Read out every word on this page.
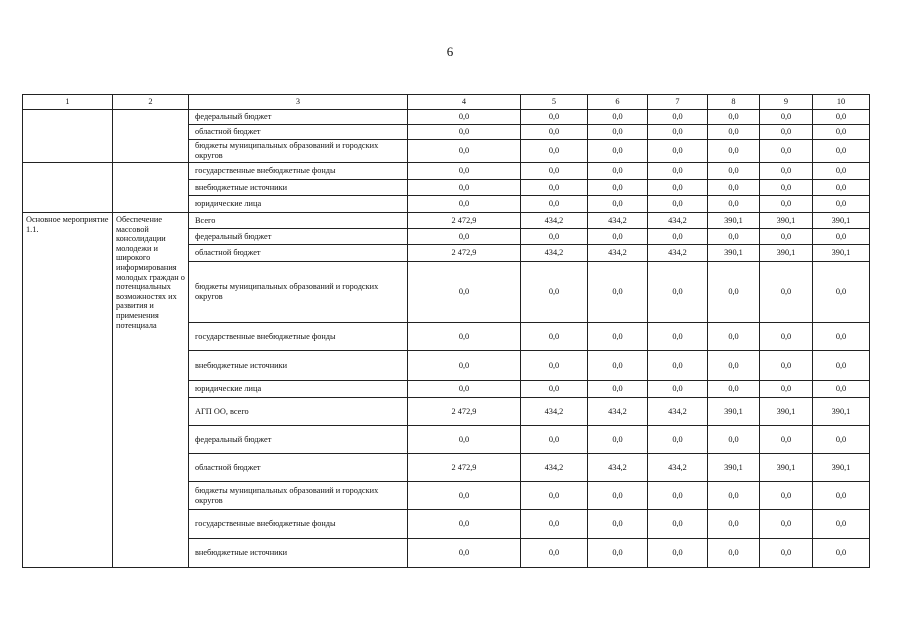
6
1	2	3	4	5	6	7	8	9	10
		федеральный бюджет	0,0	0,0	0,0	0,0	0,0	0,0	0,0
		областной бюджет	0,0	0,0	0,0	0,0	0,0	0,0	0,0
		бюджеты муниципальных образований и городских округов	0,0	0,0	0,0	0,0	0,0	0,0	0,0
		государственные внебюджетные фонды	0,0	0,0	0,0	0,0	0,0	0,0	0,0
		внебюджетные источники	0,0	0,0	0,0	0,0	0,0	0,0	0,0
		юридические лица	0,0	0,0	0,0	0,0	0,0	0,0	0,0
Основное мероприятие 1.1.	Обеспечение массовой консолидации молодежи и широкого информирования молодых граждан о потенциальных возможностях их развития и применения потенциала	Всего	2 472,9	434,2	434,2	434,2	390,1	390,1	390,1
		федеральный бюджет	0,0	0,0	0,0	0,0	0,0	0,0	0,0
		областной бюджет	2 472,9	434,2	434,2	434,2	390,1	390,1	390,1
		бюджеты муниципальных образований и городских округов	0,0	0,0	0,0	0,0	0,0	0,0	0,0
		государственные внебюджетные фонды	0,0	0,0	0,0	0,0	0,0	0,0	0,0
		внебюджетные источники	0,0	0,0	0,0	0,0	0,0	0,0	0,0
		юридические лица	0,0	0,0	0,0	0,0	0,0	0,0	0,0
		АГП ОО, всего	2 472,9	434,2	434,2	434,2	390,1	390,1	390,1
		федеральный бюджет	0,0	0,0	0,0	0,0	0,0	0,0	0,0
		областной бюджет	2 472,9	434,2	434,2	434,2	390,1	390,1	390,1
		бюджеты муниципальных образований и городских округов	0,0	0,0	0,0	0,0	0,0	0,0	0,0
		государственные внебюджетные фонды	0,0	0,0	0,0	0,0	0,0	0,0	0,0
		внебюджетные источники	0,0	0,0	0,0	0,0	0,0	0,0	0,0
